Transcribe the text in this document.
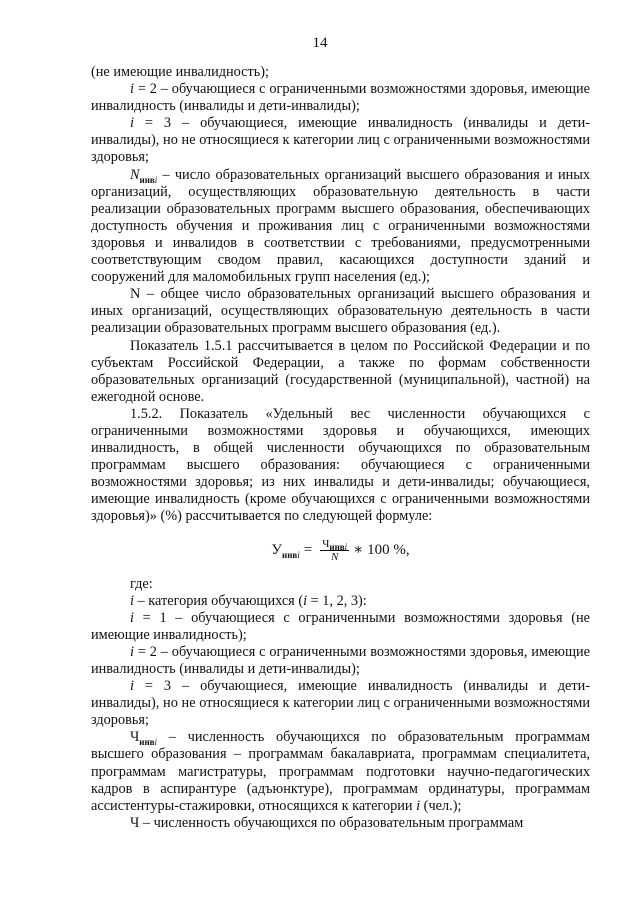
14

(не имеющие инвалидность);

i = 2 – обучающиеся с ограниченными возможностями здоровья, имеющие инвалидность (инвалиды и дети-инвалиды);

i = 3 – обучающиеся, имеющие инвалидность (инвалиды и дети-инвалиды), но не относящиеся к категории лиц с ограниченными возможностями здоровья;

$N_{инвi}$ – число образовательных организаций высшего образования и иных организаций, осуществляющих образовательную деятельность в части реализации образовательных программ высшего образования, обеспечивающих доступность обучения и проживания лиц с ограниченными возможностями здоровья и инвалидов в соответствии с требованиями, предусмотренными соответствующим сводом правил, касающихся доступности зданий и сооружений для маломобильных групп населения (ед.);

N – общее число образовательных организаций высшего образования и иных организаций, осуществляющих образовательную деятельность в части реализации образовательных программ высшего образования (ед.).

Показатель 1.5.1 рассчитывается в целом по Российской Федерации и по субъектам Российской Федерации, а также по формам собственности образовательных организаций (государственной (муниципальной), частной) на ежегодной основе.

1.5.2. Показатель «Удельный вес численности обучающихся с ограниченными возможностями здоровья и обучающихся, имеющих инвалидность, в общей численности обучающихся по образовательным программам высшего образования: обучающиеся с ограниченными возможностями здоровья; из них инвалиды и дети-инвалиды; обучающиеся, имеющие инвалидность (кроме обучающихся с ограниченными возможностями здоровья)» (%) рассчитывается по следующей формуле:

$У_{инвi} = \frac{Ч_{инвi}}{N}$ ∗ 100 %,

где:

i – категория обучающихся (i = 1, 2, 3):

i = 1 – обучающиеся с ограниченными возможностями здоровья (не имеющие инвалидность);

i = 2 – обучающиеся с ограниченными возможностями здоровья, имеющие инвалидность (инвалиды и дети-инвалиды);

i = 3 – обучающиеся, имеющие инвалидность (инвалиды и дети-инвалиды), но не относящиеся к категории лиц с ограниченными возможностями здоровья;

$Ч_{инвi}$ – численность обучающихся по образовательным программам высшего образования – программам бакалавриата, программам специалитета, программам магистратуры, программам подготовки научно-педагогических кадров в аспирантуре (адъюнктуре), программам ординатуры, программам ассистентуры-стажировки, относящихся к категории i (чел.);

Ч – численность обучающихся по образовательным программам
